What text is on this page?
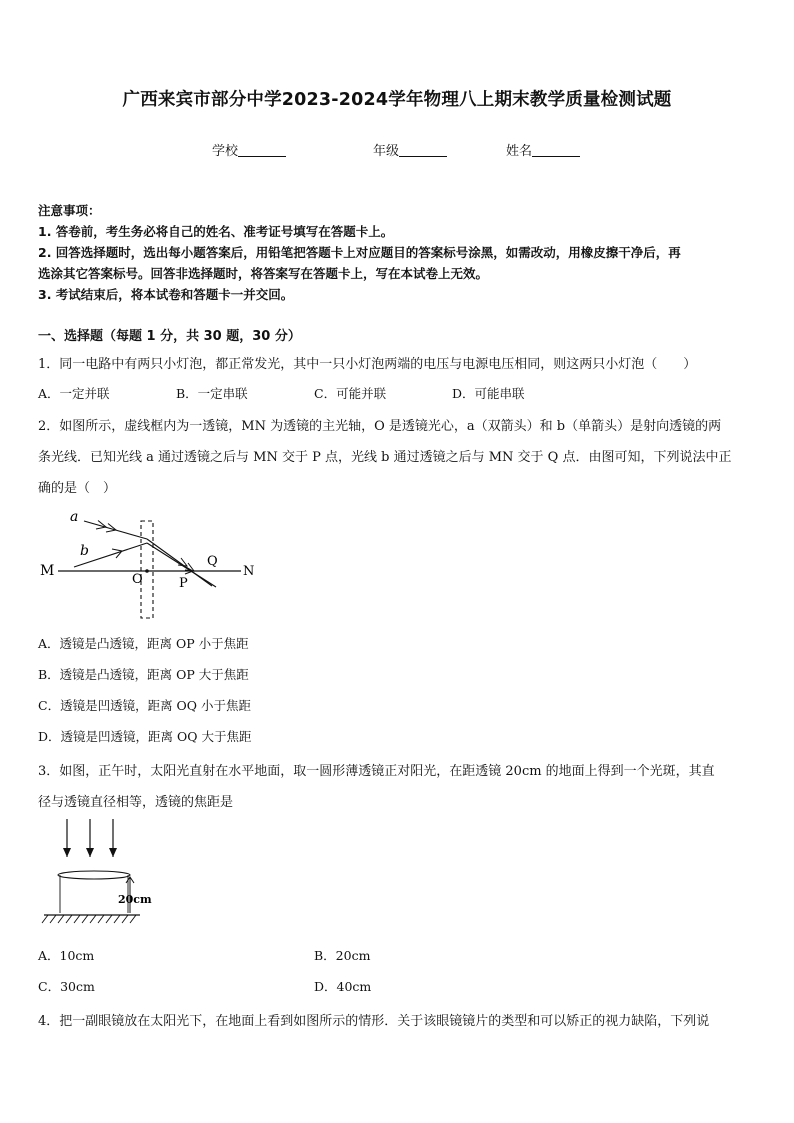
广西来宾市部分中学2023-2024学年物理八上期末教学质量检测试题
学校	年级	姓名
注意事项：
1. 答卷前，考生务必将自己的姓名、准考证号填写在答题卡上。
2. 回答选择题时，选出每小题答案后，用铅笔把答题卡上对应题目的答案标号涂黑，如需改动，用橡皮擦干净后，再
选涂其它答案标号。回答非选择题时，将答案写在答题卡上，写在本试卷上无效。
3. 考试结束后，将本试卷和答题卡一并交回。
一、选择题（每题 1 分，共 30 题，30 分）
1．同一电路中有两只小灯泡，都正常发光，其中一只小灯泡两端的电压与电源电压相同，则这两只小灯泡（　　）
A．一定并联	B．一定串联	C．可能并联	D．可能串联
2．如图所示，虚线框内为一透镜，MN 为透镜的主光轴，O 是透镜光心，a（双箭头）和 b（单箭头）是射向透镜的两
条光线．已知光线 a 通过透镜之后与 MN 交于 P 点，光线 b 通过透镜之后与 MN 交于 Q 点．由图可知，下列说法中正
确的是（　）
a
b
M
O	P
Q
N
A．透镜是凸透镜，距离 OP 小于焦距
B．透镜是凸透镜，距离 OP 大于焦距
C．透镜是凹透镜，距离 OQ 小于焦距
D．透镜是凹透镜，距离 OQ 大于焦距
3．如图，正午时，太阳光直射在水平地面，取一圆形薄透镜正对阳光，在距透镜 20cm 的地面上得到一个光斑，其直
径与透镜直径相等，透镜的焦距是
20cm
A．10cm	B．20cm
C．30cm	D．40cm
4．把一副眼镜放在太阳光下，在地面上看到如图所示的情形．关于该眼镜镜片的类型和可以矫正的视力缺陷，下列说
